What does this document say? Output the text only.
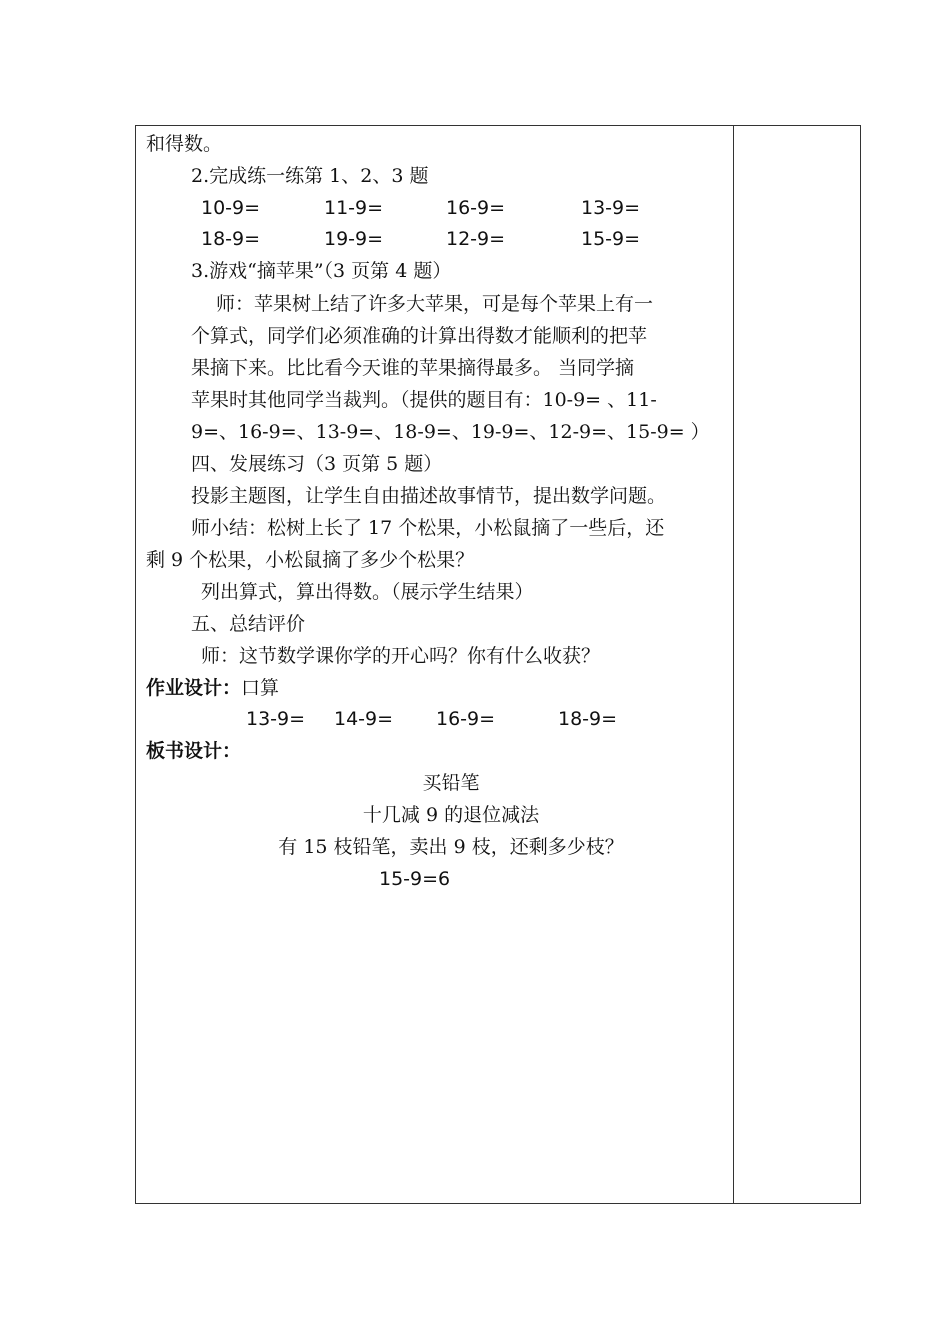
和得数。
2.完成练一练第 1、2、3 题
10-9=	11-9=	16-9=	13-9=
18-9=	19-9=	12-9=	15-9=
3.游戏“摘苹果”（3 页第 4 题）
师：苹果树上结了许多大苹果，可是每个苹果上有一
个算式，同学们必须准确的计算出得数才能顺利的把苹
果摘下来。比比看今天谁的苹果摘得最多。 当同学摘
苹果时其他同学当裁判。（提供的题目有：10-9= 、11-
9=、16-9=、13-9=、18-9=、19-9=、12-9=、15-9= ）
四、发展练习（3 页第 5 题）
投影主题图，让学生自由描述故事情节，提出数学问题。
师小结：松树上长了 17 个松果，小松鼠摘了一些后，还
剩 9 个松果，小松鼠摘了多少个松果？
列出算式，算出得数。（展示学生结果）
五、总结评价
师：这节数学课你学的开心吗？你有什么收获？
作业设计：口算
13-9= 14-9= 16-9=	18-9=
板书设计：
买铅笔
十几减 9 的退位减法
有 15 枝铅笔，卖出 9 枝，还剩多少枝？
15-9=6
